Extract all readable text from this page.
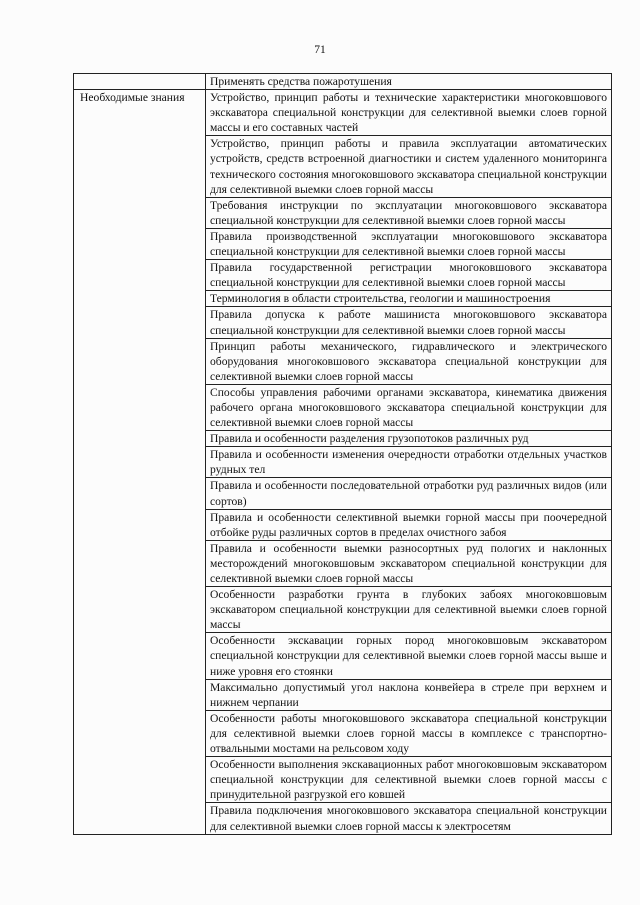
71
	Применять средства пожаротушения
Необходимые знания	Устройство, принцип работы и технические характеристики многоковшового экскаватора специальной конструкции для селективной выемки слоев горной массы и его составных частей
	Устройство, принцип работы и правила эксплуатации автоматических устройств, средств встроенной диагностики и систем удаленного мониторинга технического состояния многоковшового экскаватора специальной конструкции для селективной выемки слоев горной массы
	Требования инструкции по эксплуатации многоковшового экскаватора специальной конструкции для селективной выемки слоев горной массы
	Правила производственной эксплуатации многоковшового экскаватора специальной конструкции для селективной выемки слоев горной массы
	Правила государственной регистрации многоковшового экскаватора специальной конструкции для селективной выемки слоев горной массы
	Терминология в области строительства, геологии и машиностроения
	Правила допуска к работе машиниста многоковшового экскаватора специальной конструкции для селективной выемки слоев горной массы
	Принцип работы механического, гидравлического и электрического оборудования многоковшового экскаватора специальной конструкции для селективной выемки слоев горной массы
	Способы управления рабочими органами экскаватора, кинематика движения рабочего органа многоковшового экскаватора специальной конструкции для селективной выемки слоев горной массы
	Правила и особенности разделения грузопотоков различных руд
	Правила и особенности изменения очередности отработки отдельных участков рудных тел
	Правила и особенности последовательной отработки руд различных видов (или сортов)
	Правила и особенности селективной выемки горной массы при поочередной отбойке руды различных сортов в пределах очистного забоя
	Правила и особенности выемки разносортных руд пологих и наклонных месторождений многоковшовым экскаватором специальной конструкции для селективной выемки слоев горной массы
	Особенности разработки грунта в глубоких забоях многоковшовым экскаватором специальной конструкции для селективной выемки слоев горной массы
	Особенности экскавации горных пород многоковшовым экскаватором специальной конструкции для селективной выемки слоев горной массы выше и ниже уровня его стоянки
	Максимально допустимый угол наклона конвейера в стреле при верхнем и нижнем черпании
	Особенности работы многоковшового экскаватора специальной конструкции для селективной выемки слоев горной массы в комплексе с транспортно-отвальными мостами на рельсовом ходу
	Особенности выполнения экскавационных работ многоковшовым экскаватором специальной конструкции для селективной выемки слоев горной массы с принудительной разгрузкой его ковшей
	Правила подключения многоковшового экскаватора специальной конструкции для селективной выемки слоев горной массы к электросетям
